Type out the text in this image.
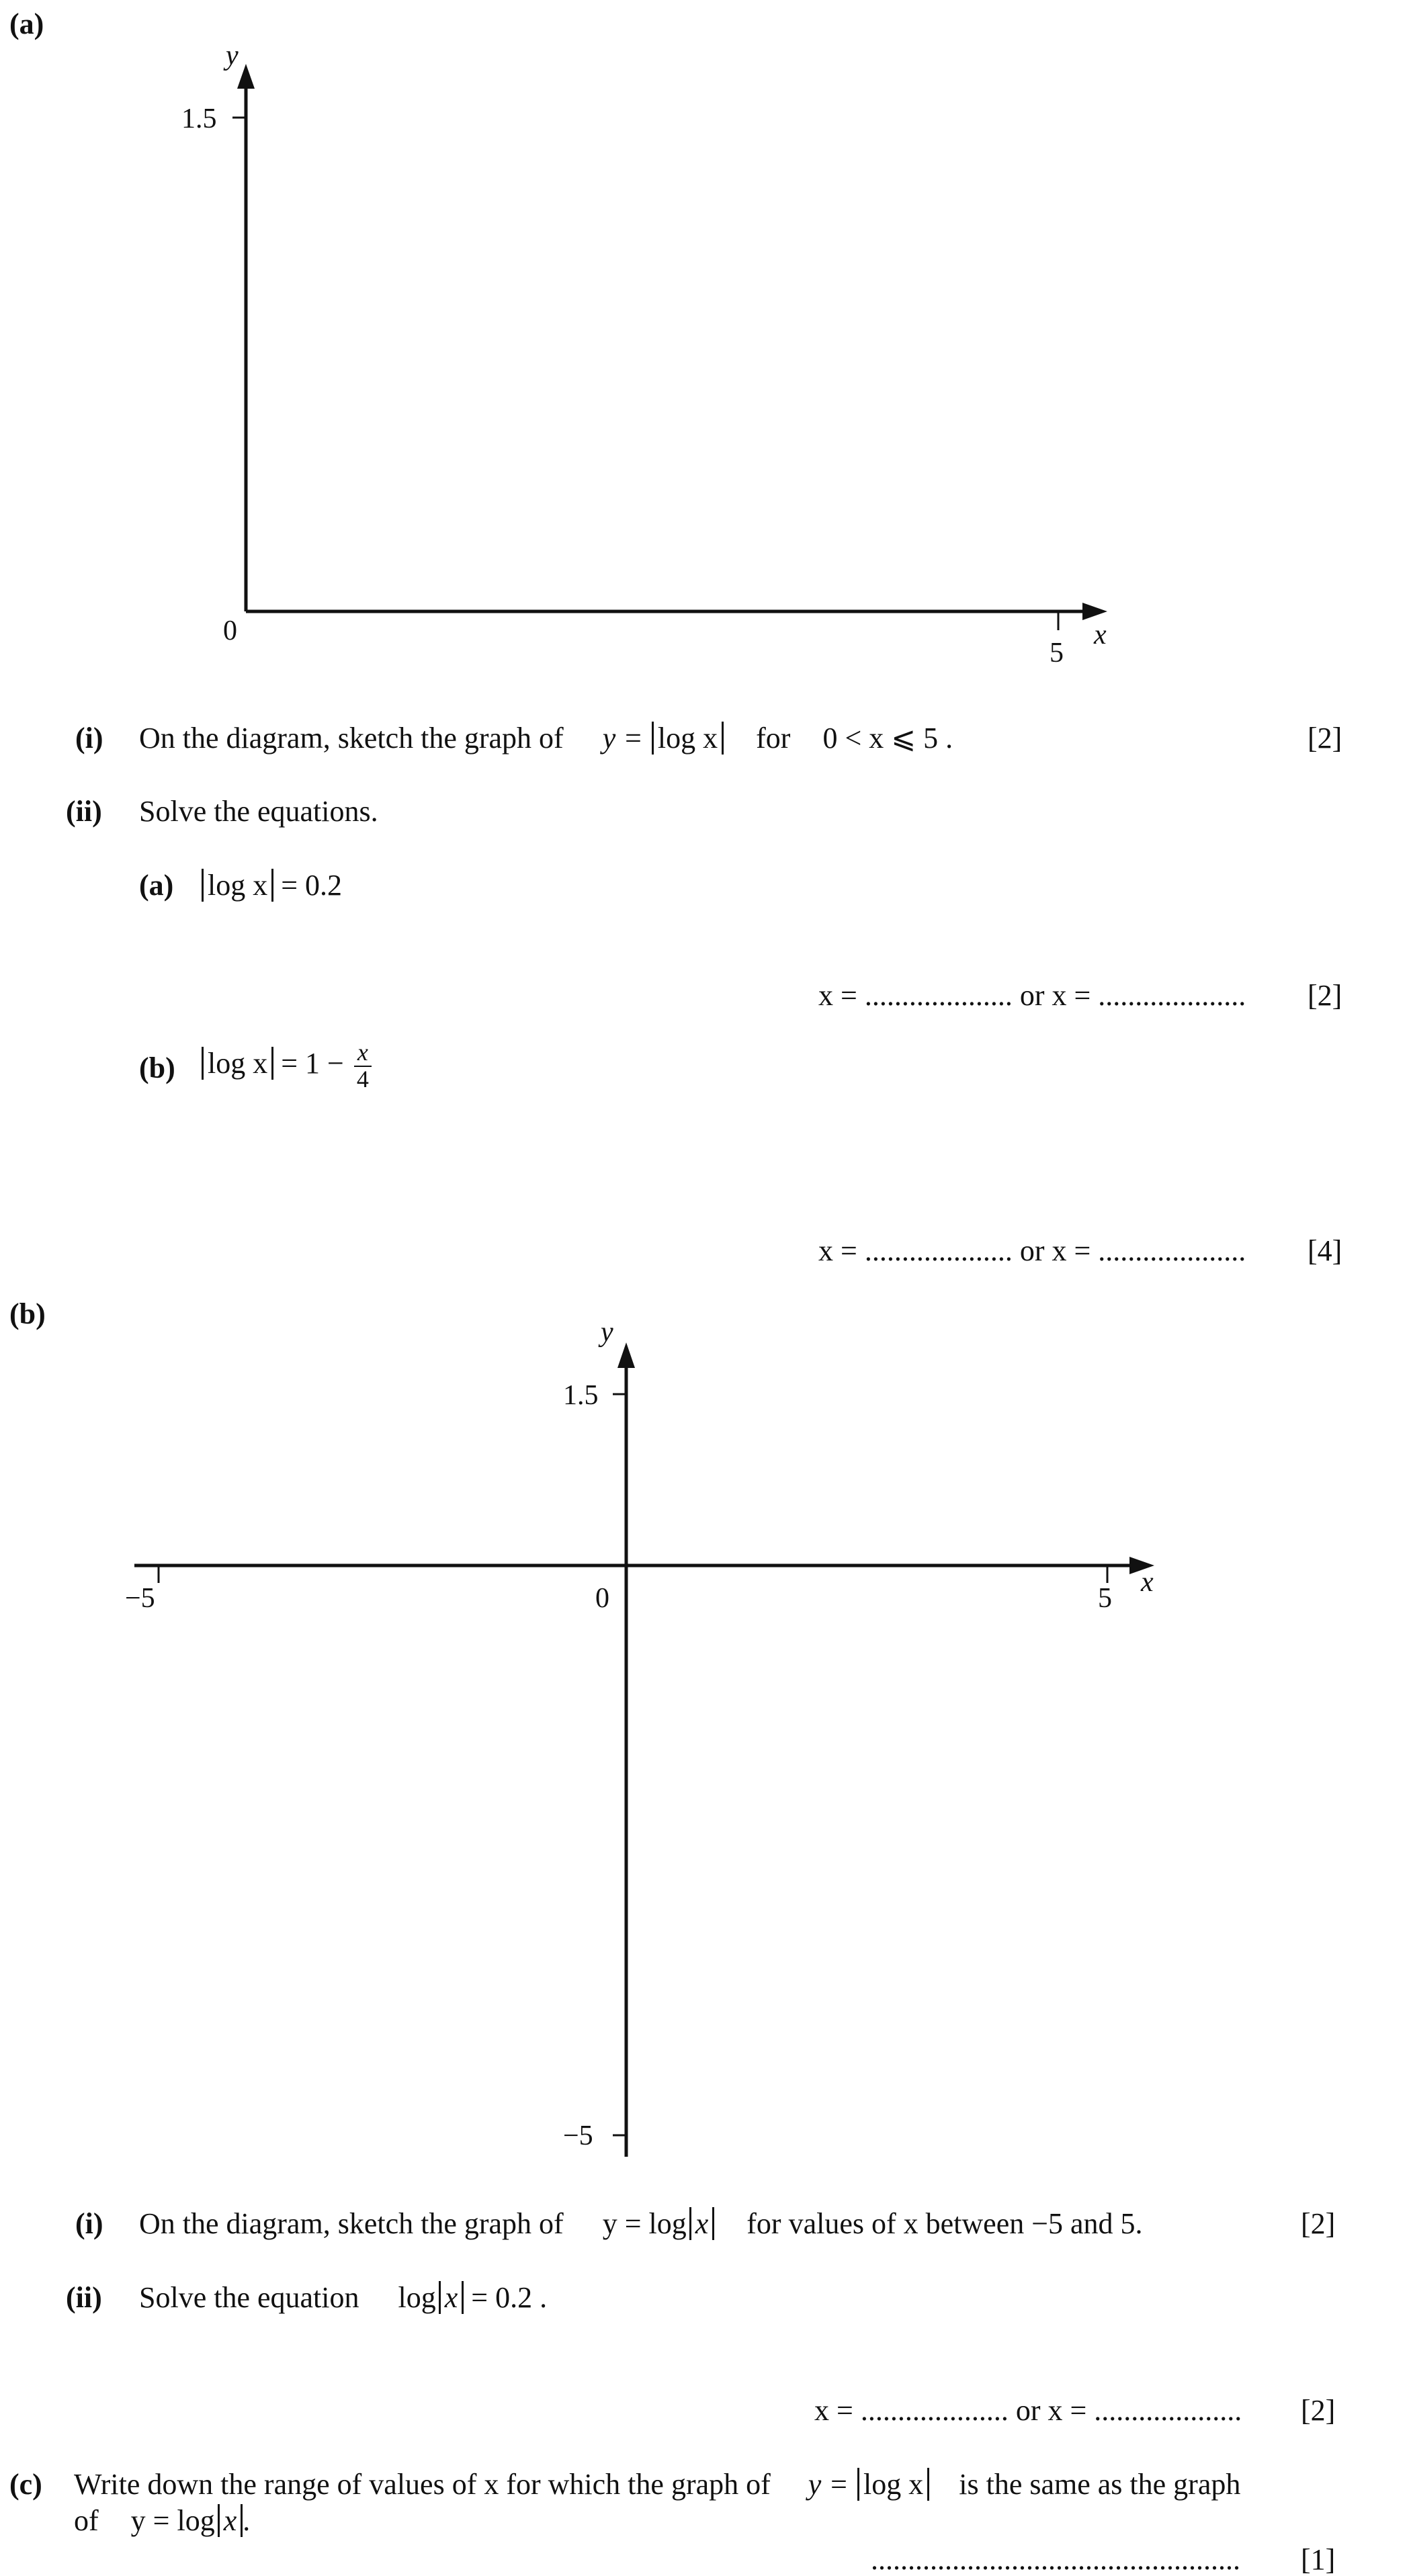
(a)
y
1.5
0
5
x
(i) On the diagram, sketch the graph of y = log x for 0 < x ⩽ 5 .	[2]
(ii) Solve the equations.
(a) log x = 0.2
x = .................... or x = .................... [2]
(b) $\log x = 1 - \frac{x}{4}$
x = .................... or x = .................... [4]
(b)
y
1.5
−5
−5	0	5
x
(i) On the diagram, sketch the graph of y = log x for values of x between −5 and 5.	[2]
(ii) Solve the equation log x = 0.2 .
x = .................... or x = .................... [2]
(c) Write down the range of values of x for which the graph of y = log x is the same as the graph
of y = log x .
.................................................. [1]
